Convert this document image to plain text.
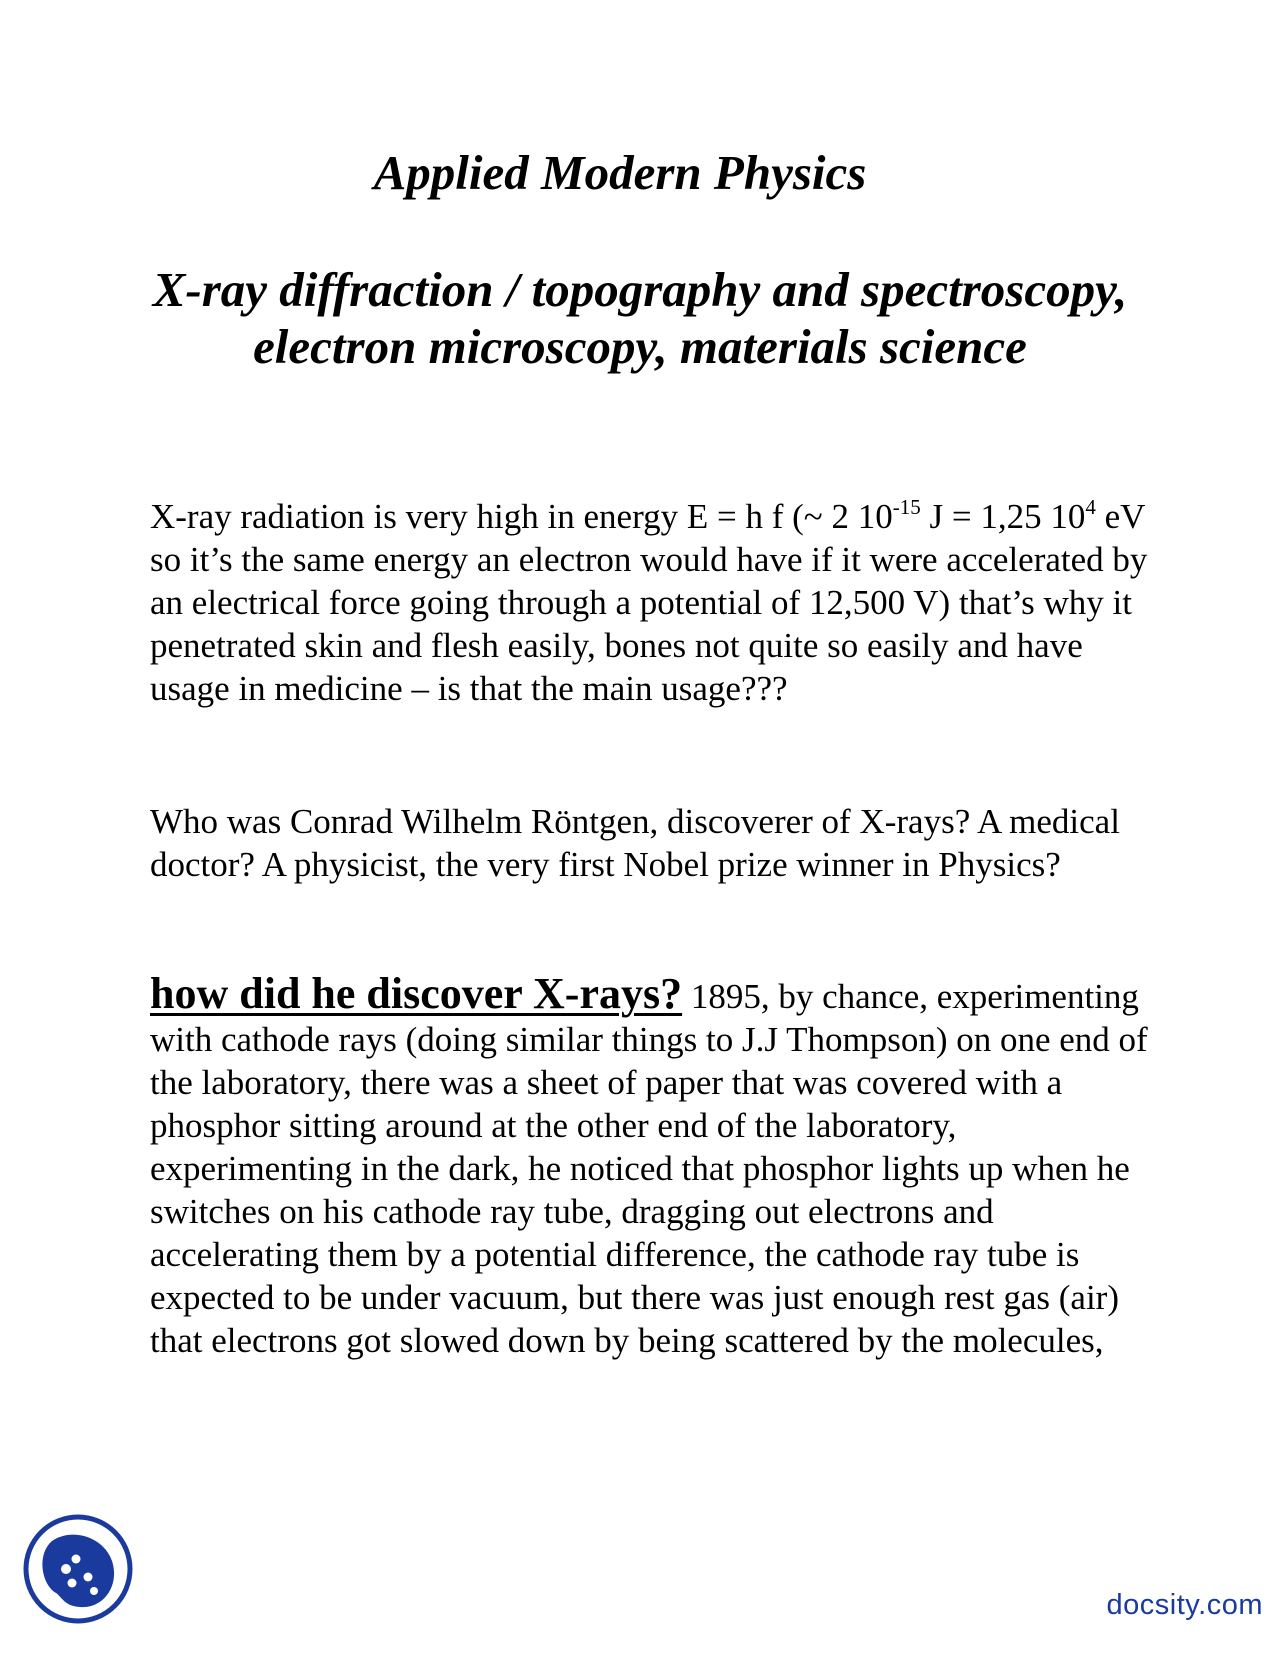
Applied Modern Physics
X-ray diffraction / topography and spectroscopy, electron microscopy, materials science

X-ray radiation is very high in energy E = h f (~ 2 $10^{-15}$ J = 1,25 $10^4$ eV so it’s the same energy an electron would have if it were accelerated by an electrical force going through a potential of 12,500 V) that’s why it penetrated skin and flesh easily, bones not quite so easily and have usage in medicine – is that the main usage???

Who was Conrad Wilhelm Röntgen, discoverer of X-rays? A medical doctor? A physicist, the very first Nobel prize winner in Physics?

how did he discover X-rays? 1895, by chance, experimenting with cathode rays (doing similar things to J.J Thompson) on one end of the laboratory, there was a sheet of paper that was covered with a phosphor sitting around at the other end of the laboratory, experimenting in the dark, he noticed that phosphor lights up when he switches on his cathode ray tube, dragging out electrons and accelerating them by a potential difference, the cathode ray tube is expected to be under vacuum, but there was just enough rest gas (air) that electrons got slowed down by being scattered by the molecules,

docsity.com
